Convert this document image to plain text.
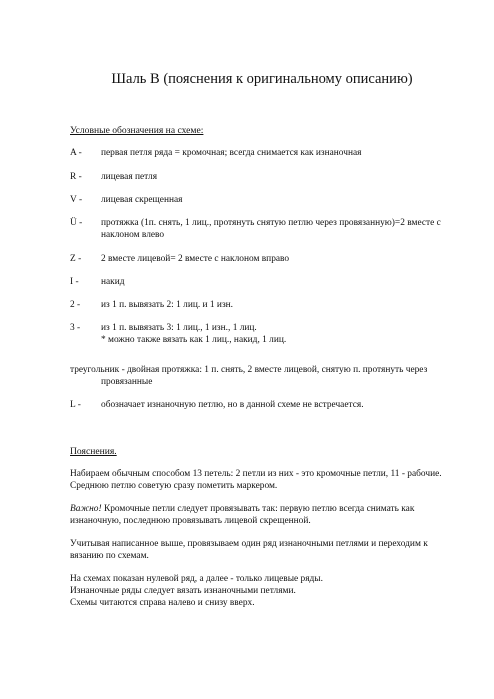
Шаль B (пояснения к оригинальному описанию)
Условные обозначения на схеме:
A - первая петля ряда = кромочная; всегда снимается как изнаночная
R - лицевая петля
V - лицевая скрещенная
Ü - протяжка (1п. снять, 1 лиц., протянуть снятую петлю через провязанную)=2 вместе с
наклоном влево
Z - 2 вместе лицевой= 2 вместе с наклоном вправо
I - накид
2 - из 1 п. вывязать 2: 1 лиц. и 1 изн.
3 - из 1 п. вывязать 3: 1 лиц., 1 изн., 1 лиц.
* можно также вязать как 1 лиц., накид, 1 лиц.
треугольник - двойная протяжка: 1 п. снять, 2 вместе лицевой, снятую п. протянуть через
провязанные
L - обозначает изнаночную петлю, но в данной схеме не встречается.
Пояснения.
Набираем обычным способом 13 петель: 2 петли из них - это кромочные петли, 11 - рабочие.
Среднюю петлю советую сразу пометить маркером.
Важно! Кромочные петли следует провязывать так: первую петлю всегда снимать как
изнаночную, последнюю провязывать лицевой скрещенной.
Учитывая написанное выше, провязываем один ряд изнаночными петлями и переходим к
вязанию по схемам.
На схемах показан нулевой ряд, а далее - только лицевые ряды.
Изнаночные ряды следует вязать изнаночными петлями.
Схемы читаются справа налево и снизу вверх.
